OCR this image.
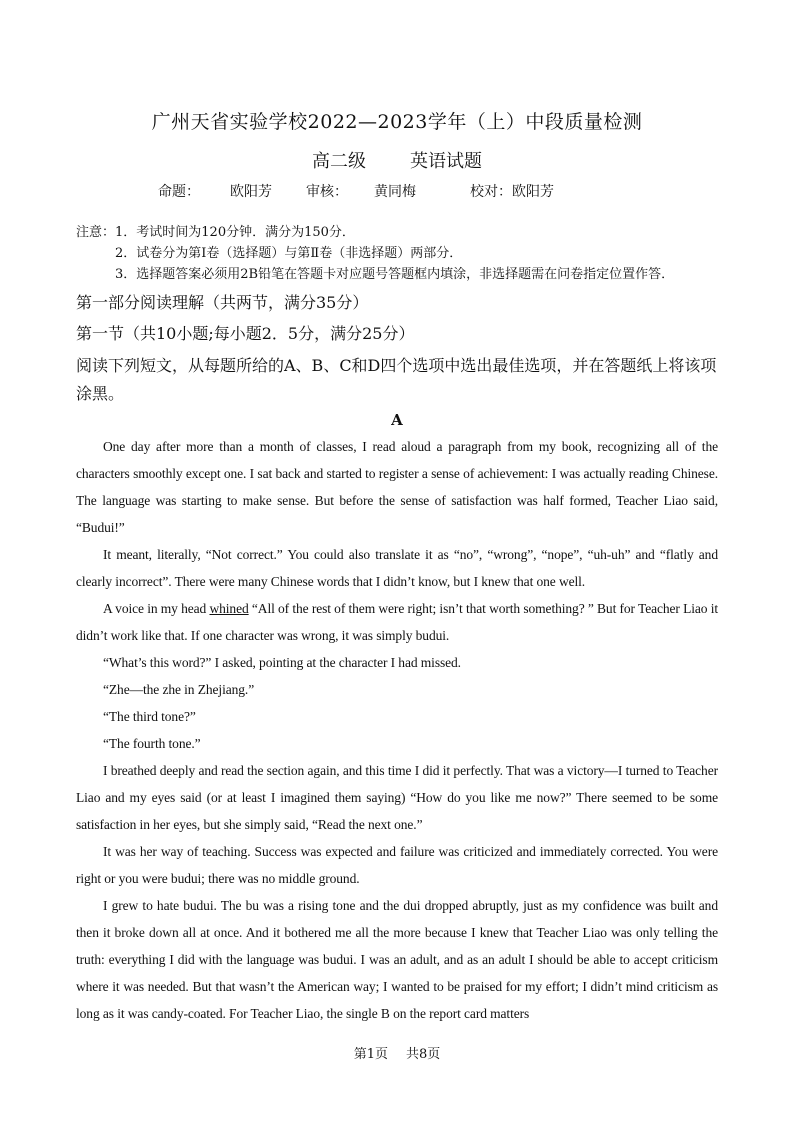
广州天省实验学校2022—2023学年（上）中段质量检测
高二级 英语试题
命题： 欧阳芳 审核： 黄同梅	校对：欧阳芳
注意：1．考试时间为120分钟．满分为150分．
2．试卷分为第Ⅰ卷（选择题）与第Ⅱ卷（非选择题）两部分．
3．选择题答案必须用2B铅笔在答题卡对应题号答题框内填涂，非选择题需在问卷指定位置作答．
第一部分阅读理解（共两节，满分35分）
第一节（共10小题;每小题2．5分，满分25分）
阅读下列短文，从每题所给的A、B、C和D四个选项中选出最佳选项，并在答题纸上将该项涂黑。
A

One day after more than a month of classes, I read aloud a paragraph from my book, recognizing all of the characters smoothly except one. I sat back and started to register a sense of achievement: I was actually reading Chinese. The language was starting to make sense. But before the sense of satisfaction was half formed, Teacher Liao said, “Budui!”

It meant, literally, “Not correct.” You could also translate it as “no”, “wrong”, “nope”, “uh-uh” and “flatly and clearly incorrect”. There were many Chinese words that I didn’t know, but I knew that one well.

A voice in my head whined “All of the rest of them were right; isn’t that worth something? ” But for Teacher Liao it didn’t work like that. If one character was wrong, it was simply budui.

“What’s this word?” I asked, pointing at the character I had missed.

“Zhe—the zhe in Zhejiang.”

“The third tone?”

“The fourth tone.”

I breathed deeply and read the section again, and this time I did it perfectly. That was a victory—I turned to Teacher Liao and my eyes said (or at least I imagined them saying) “How do you like me now?” There seemed to be some satisfaction in her eyes, but she simply said, “Read the next one.”

It was her way of teaching. Success was expected and failure was criticized and immediately corrected. You were right or you were budui; there was no middle ground.

I grew to hate budui. The bu was a rising tone and the dui dropped abruptly, just as my confidence was built and then it broke down all at once. And it bothered me all the more because I knew that Teacher Liao was only telling the truth: everything I did with the language was budui. I was an adult, and as an adult I should be able to accept criticism where it was needed. But that wasn’t the American way; I wanted to be praised for my effort; I didn’t mind criticism as long as it was candy-coated. For Teacher Liao, the single B on the report card matters

第1页 共8页
